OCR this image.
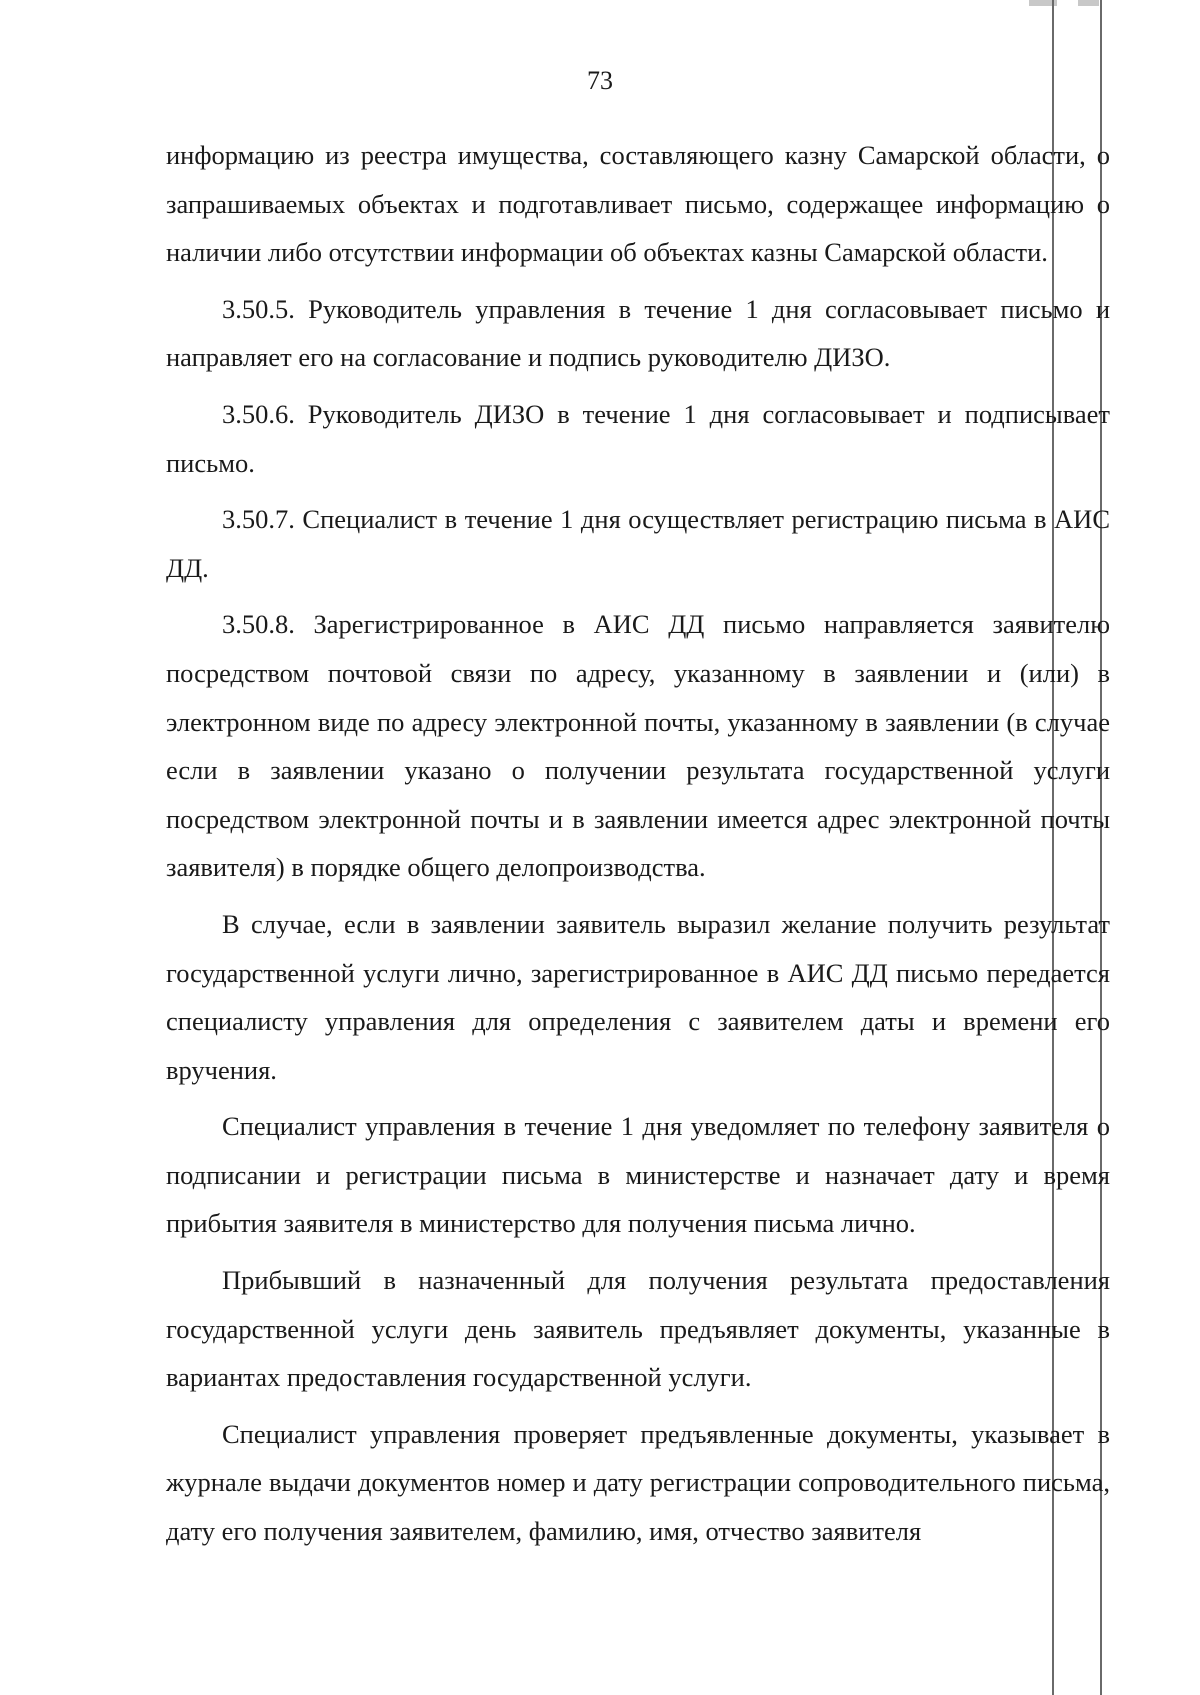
73

информацию из реестра имущества, составляющего казну Самарской области, о запрашиваемых объектах и подготавливает письмо, содержащее информацию о наличии либо отсутствии информации об объектах казны Самарской области.

3.50.5. Руководитель управления в течение 1 дня согласовывает письмо и направляет его на согласование и подпись руководителю ДИЗО.

3.50.6. Руководитель ДИЗО в течение 1 дня согласовывает и подписывает письмо.

3.50.7. Специалист в течение 1 дня осуществляет регистрацию письма в АИС ДД.

3.50.8. Зарегистрированное в АИС ДД письмо направляется заявителю посредством почтовой связи по адресу, указанному в заявлении и (или) в электронном виде по адресу электронной почты, указанному в заявлении (в случае если в заявлении указано о получении результата государственной услуги посредством электронной почты и в заявлении имеется адрес электронной почты заявителя) в порядке общего делопроизводства.

В случае, если в заявлении заявитель выразил желание получить результат государственной услуги лично, зарегистрированное в АИС ДД письмо передается специалисту управления для определения с заявителем даты и времени его вручения.

Специалист управления в течение 1 дня уведомляет по телефону заявителя о подписании и регистрации письма в министерстве и назначает дату и время прибытия заявителя в министерство для получения письма лично.

Прибывший в назначенный для получения результата предоставления государственной услуги день заявитель предъявляет документы, указанные в вариантах предоставления государственной услуги.

Специалист управления проверяет предъявленные документы, указывает в журнале выдачи документов номер и дату регистрации сопроводительного письма, дату его получения заявителем, фамилию, имя, отчество заявителя
